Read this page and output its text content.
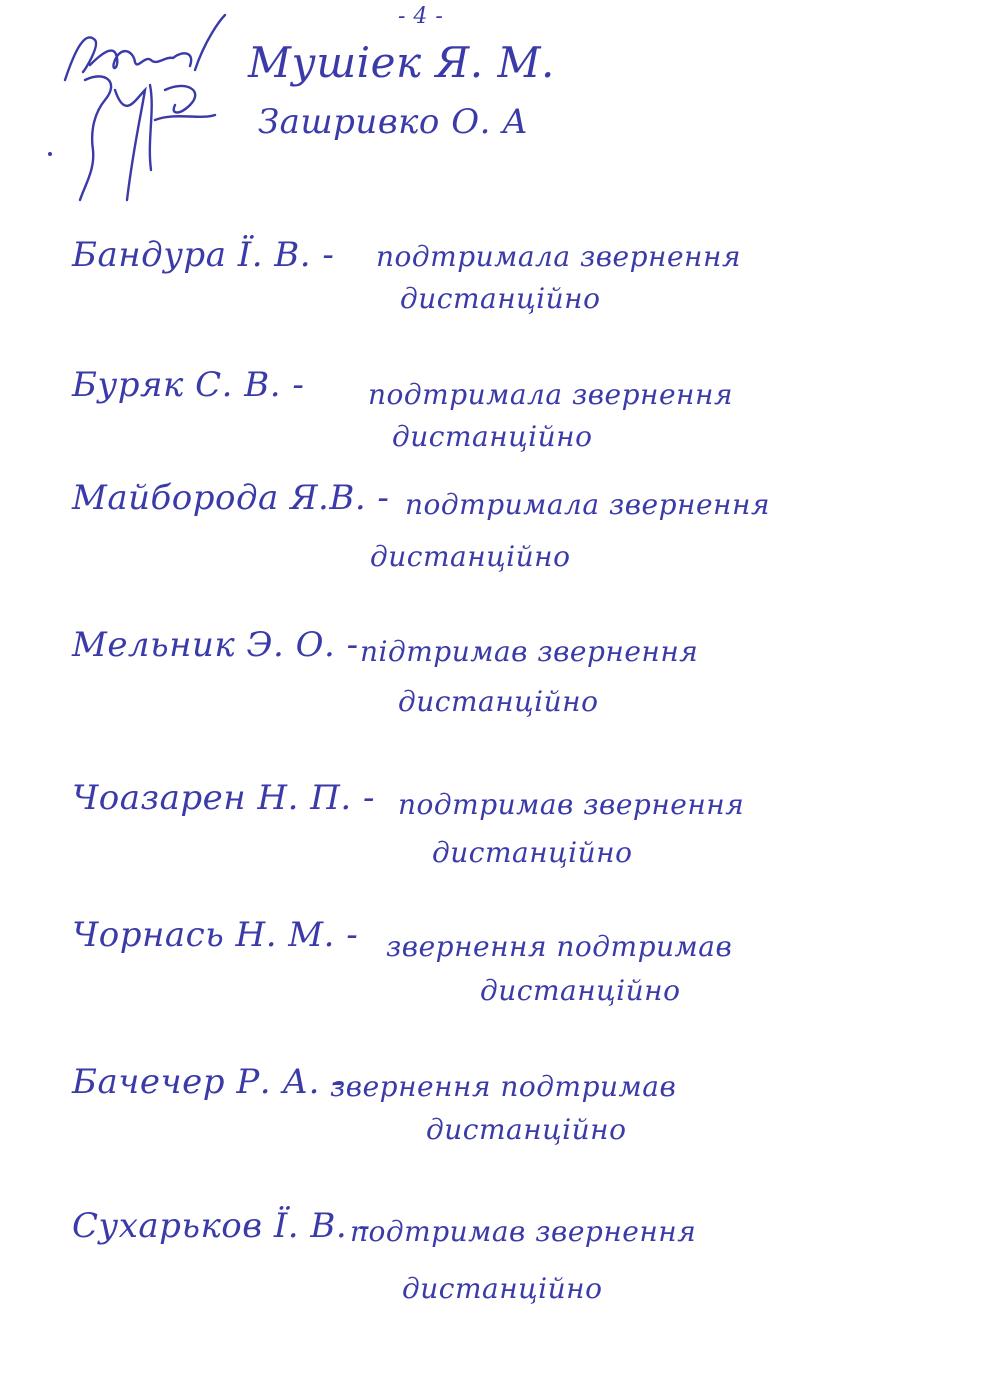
- 4 -
Мушіек Я. М.
Зашривко О. А
Бандура Ї. В. - подтримала звернення
дистанційно
Буряк С. В. - подтримала звернення
дистанційно
Майборода Я.В. - подтримала звернення
дистанційно
Мельник Э. О. - підтримав звернення
дистанційно
Чоазарен Н. П. - подтримав звернення
дистанційно
Чорнась Н. М. - звернення подтримав
дистанційно
Бачечер Р. А. -
звернення подтримав
дистанційно
Сухарьков Ї. В. -
подтримав звернення
дистанційно
